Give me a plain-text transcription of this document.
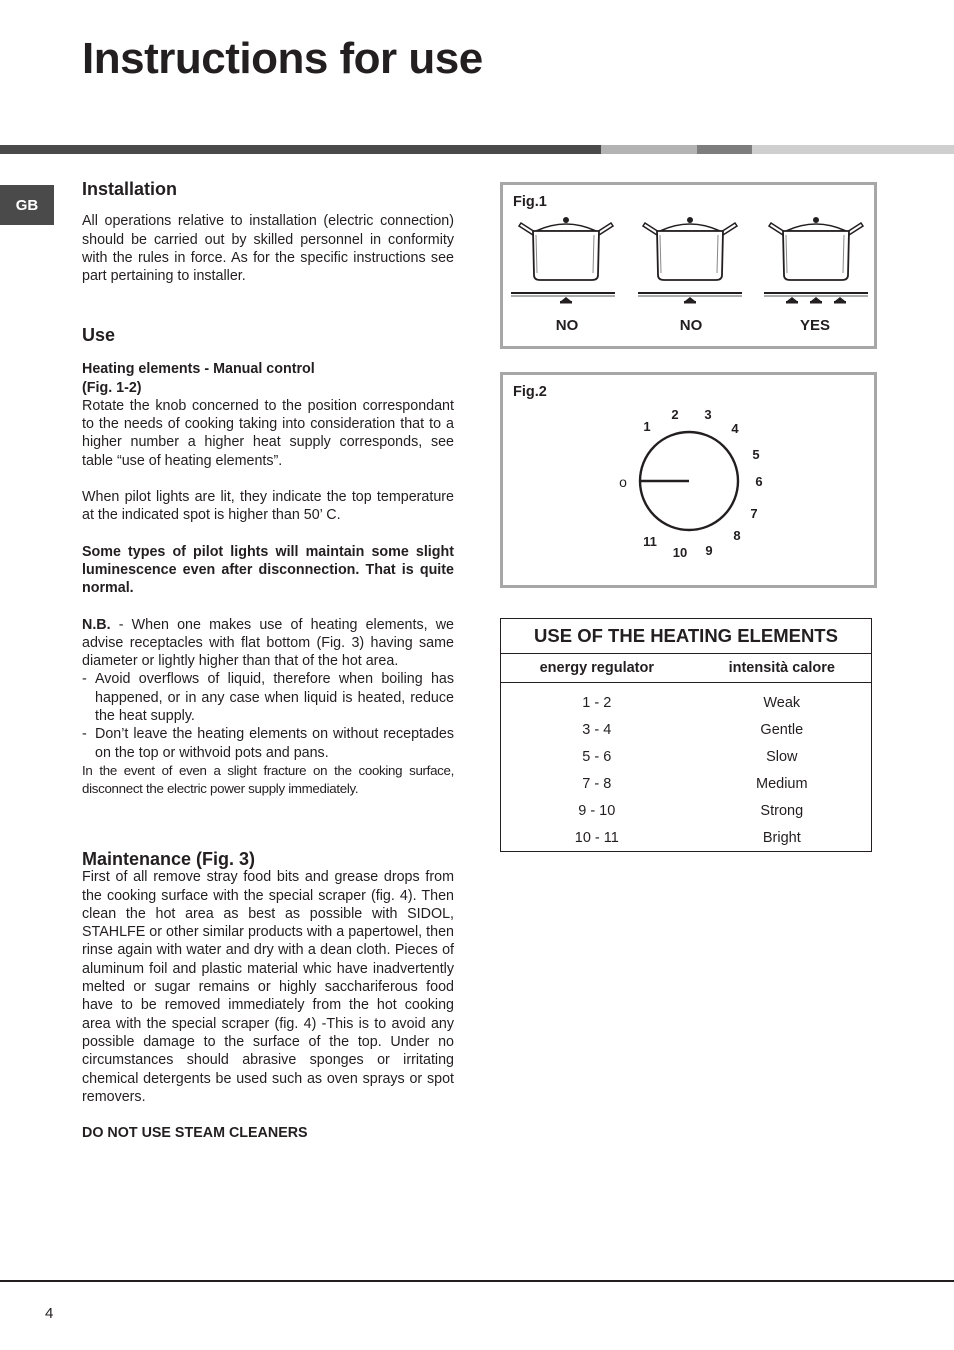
Instructions for use
GB
Installation

All operations relative to installation (electric connection) should be carried out by skilled personnel in conformity with the rules in force. As for the specific instructions see part pertaining to installer.

Use
Heating elements - Manual control
(Fig. 1-2)

Rotate the knob concerned to the position correspondant to the needs of cooking taking into consideration that to a higher number a higher heat supply corresponds, see table “use of heating elements”.

When pilot lights are lit, they indicate the top temperature at the indicated spot is higher than 50’ C.

Some types of pilot lights will maintain some slight luminescence even after disconnection. That is quite normal.

N.B. - When one makes use of heating elements, we advise receptacles with flat bottom (Fig. 3) having same diameter or lightly higher than that of the hot area.

- Avoid overflows of liquid, therefore when boiling has happened, or in any case when liquid is heated, reduce the heat supply.
- Don’t leave the heating elements on without receptades on the top or withvoid pots and pans.

In the event of even a slight fracture on the cooking surface, disconnect the electric power supply immediately.

Maintenance (Fig. 3)

First of all remove stray food bits and grease drops from the cooking surface with the special scraper (fig. 4). Then clean the hot area as best as possible with SIDOL, STAHLFE or other similar products with a papertowel, then rinse again with water and dry with a dean cloth. Pieces of aluminum foil and plastic material whic have inadvertently melted or sugar remains or highly sacchariferous food have to be removed immediately from the hot cooking area with the special scraper (fig. 4) -This is to avoid any possible damage to the surface of the top. Under no circumstances should abrasive sponges or irritating chemical detergents be used such as oven sprays or spot removers.

DO NOT USE STEAM CLEANERS
Fig.1
NO	NO	YES
Fig.2
o
1
2 3
4
5
6
7
8
9
10
11
USE OF THE HEATING ELEMENTS	
energy regulator	intensità calore

1 - 2	Weak
3 - 4	Gentle
5 - 6	Slow
7 - 8	Medium
9 - 10	Strong
10 - 11	Bright
4
